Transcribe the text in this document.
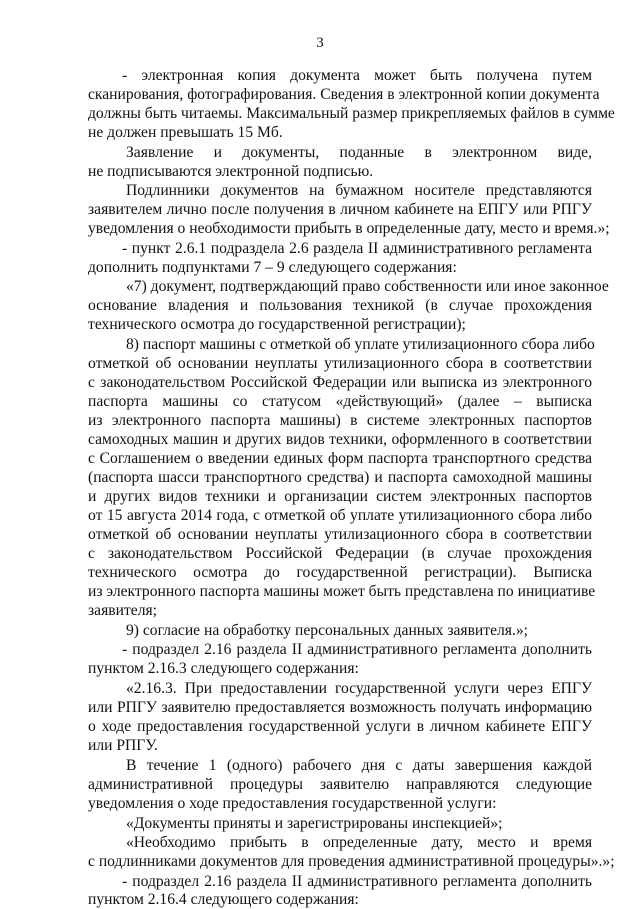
3
- электронная копия документа может быть получена путем
сканирования, фотографирования. Сведения в электронной копии документа
должны быть читаемы. Максимальный размер прикрепляемых файлов в сумме
не должен превышать 15 Мб.
Заявление и документы, поданные в электронном виде,
не подписываются электронной подписью.
Подлинники документов на бумажном носителе представляются
заявителем лично после получения в личном кабинете на ЕПГУ или РПГУ
уведомления о необходимости прибыть в определенные дату, место и время.»;
- пункт 2.6.1 подраздела 2.6 раздела II административного регламента
дополнить подпунктами 7 – 9 следующего содержания:
«7) документ, подтверждающий право собственности или иное законное
основание владения и пользования техникой (в случае прохождения
технического осмотра до государственной регистрации);
8) паспорт машины с отметкой об уплате утилизационного сбора либо
отметкой об основании неуплаты утилизационного сбора в соответствии
с законодательством Российской Федерации или выписка из электронного
паспорта машины со статусом «действующий» (далее – выписка
из электронного паспорта машины) в системе электронных паспортов
самоходных машин и других видов техники, оформленного в соответствии
с Соглашением о введении единых форм паспорта транспортного средства
(паспорта шасси транспортного средства) и паспорта самоходной машины
и других видов техники и организации систем электронных паспортов
от 15 августа 2014 года, с отметкой об уплате утилизационного сбора либо
отметкой об основании неуплаты утилизационного сбора в соответствии
с законодательством Российской Федерации (в случае прохождения
технического осмотра до государственной регистрации). Выписка
из электронного паспорта машины может быть представлена по инициативе
заявителя;
9) согласие на обработку персональных данных заявителя.»;
- подраздел 2.16 раздела II административного регламента дополнить
пунктом 2.16.3 следующего содержания:
«2.16.3. При предоставлении государственной услуги через ЕПГУ
или РПГУ заявителю предоставляется возможность получать информацию
о ходе предоставления государственной услуги в личном кабинете ЕПГУ
или РПГУ.
В течение 1 (одного) рабочего дня с даты завершения каждой
административной процедуры заявителю направляются следующие
уведомления о ходе предоставления государственной услуги:
«Документы приняты и зарегистрированы инспекцией»;
«Необходимо прибыть в определенные дату, место и время
с подлинниками документов для проведения административной процедуры».»;
- подраздел 2.16 раздела II административного регламента дополнить
пунктом 2.16.4 следующего содержания:
